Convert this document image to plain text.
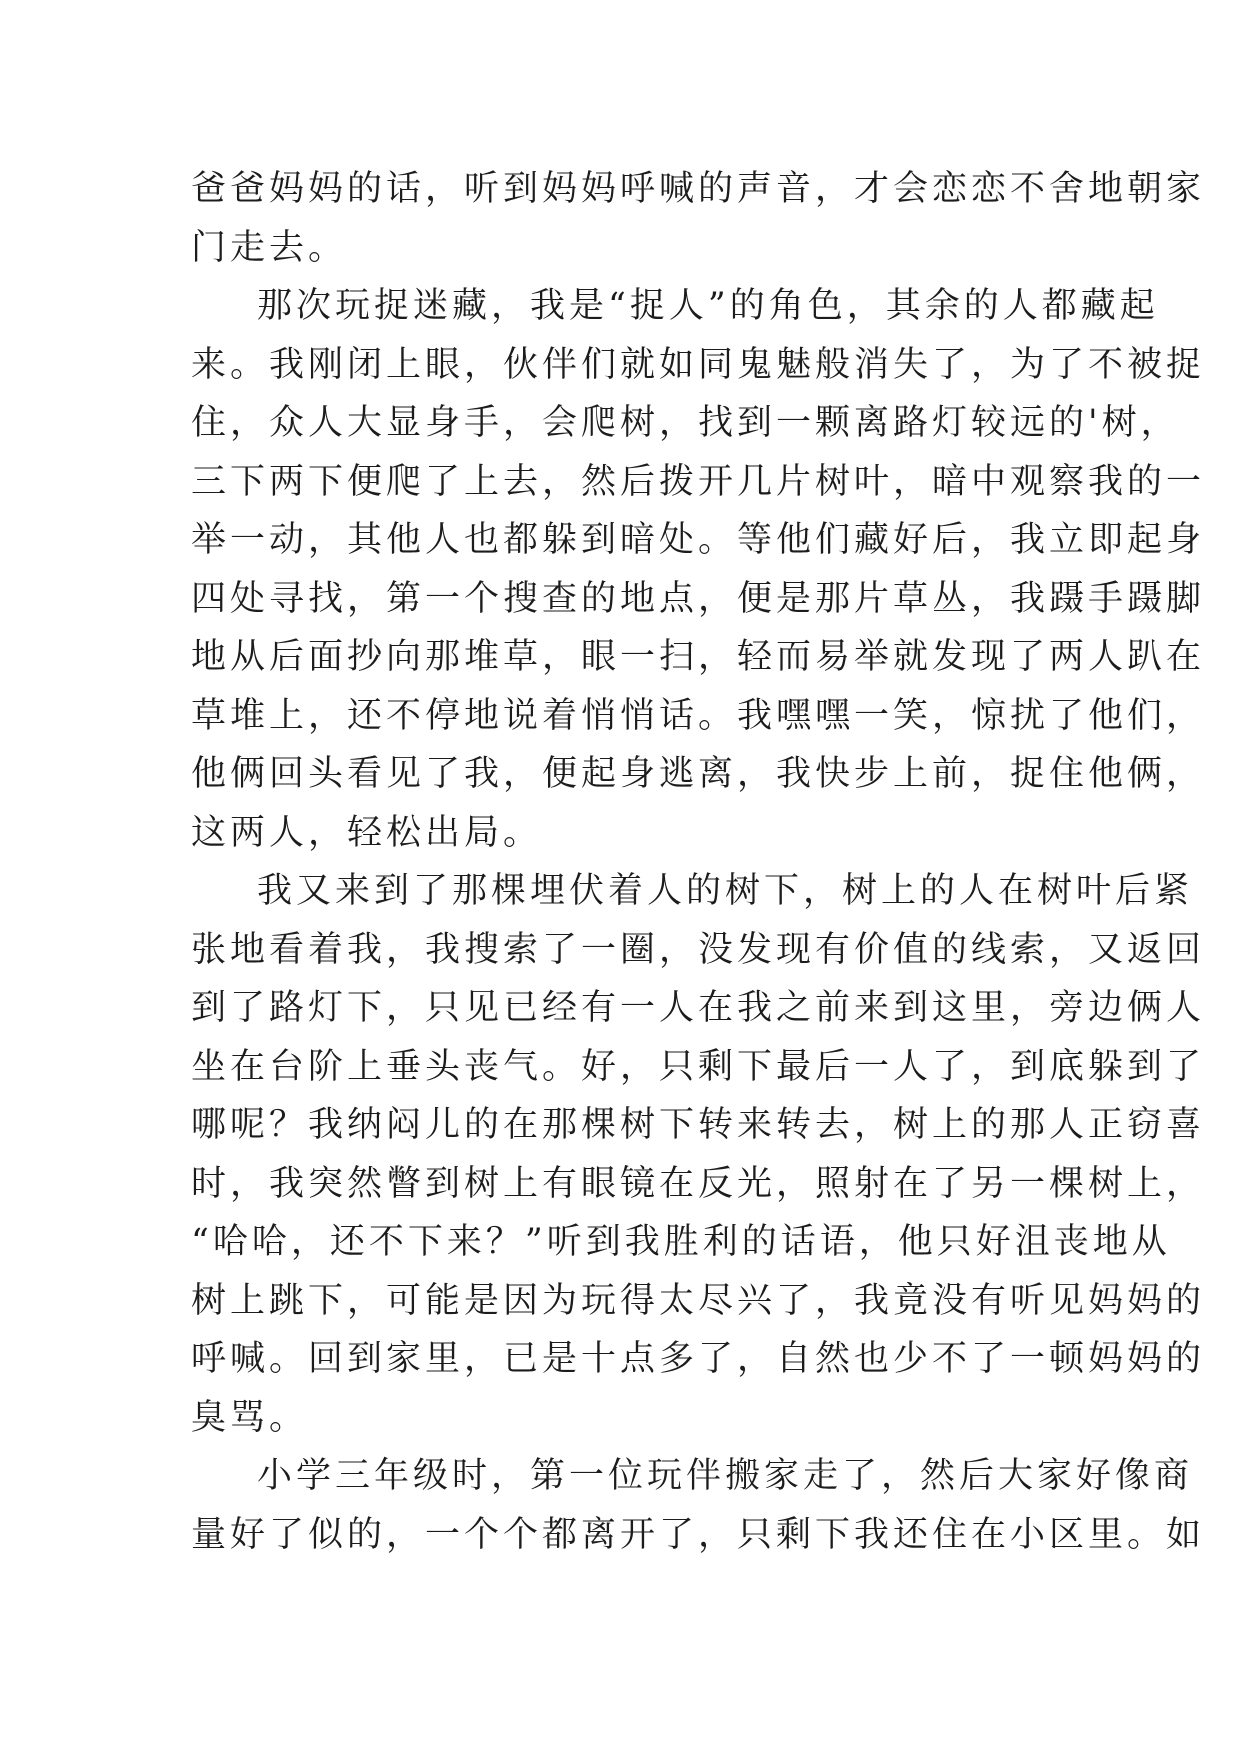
爸爸妈妈的话，听到妈妈呼喊的声音，才会恋恋不舍地朝家
门走去。
那次玩捉迷藏，我是“捉人”的角色，其余的人都藏起
来。我刚闭上眼，伙伴们就如同鬼魅般消失了，为了不被捉
住，众人大显身手，会爬树，找到一颗离路灯较远的'树，
三下两下便爬了上去，然后拨开几片树叶，暗中观察我的一
举一动，其他人也都躲到暗处。等他们藏好后，我立即起身
四处寻找，第一个搜查的地点，便是那片草丛，我蹑手蹑脚
地从后面抄向那堆草，眼一扫，轻而易举就发现了两人趴在
草堆上，还不停地说着悄悄话。我嘿嘿一笑，惊扰了他们，
他俩回头看见了我，便起身逃离，我快步上前，捉住他俩，
这两人，轻松出局。
我又来到了那棵埋伏着人的树下，树上的人在树叶后紧
张地看着我，我搜索了一圈，没发现有价值的线索，又返回
到了路灯下，只见已经有一人在我之前来到这里，旁边俩人
坐在台阶上垂头丧气。好，只剩下最后一人了，到底躲到了
哪呢？我纳闷儿的在那棵树下转来转去，树上的那人正窃喜
时，我突然瞥到树上有眼镜在反光，照射在了另一棵树上，
“哈哈，还不下来？”听到我胜利的话语，他只好沮丧地从
树上跳下，可能是因为玩得太尽兴了，我竟没有听见妈妈的
呼喊。回到家里，已是十点多了，自然也少不了一顿妈妈的
臭骂。
小学三年级时，第一位玩伴搬家走了，然后大家好像商
量好了似的，一个个都离开了，只剩下我还住在小区里。如
